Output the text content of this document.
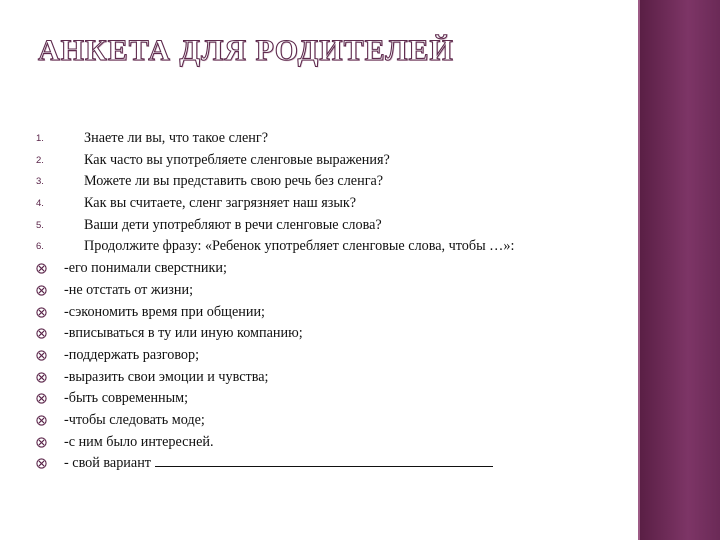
АНКЕТА ДЛЯ РОДИТЕЛЕЙ
1.	Знаете ли вы, что такое сленг?
2.	Как часто вы употребляете сленговые выражения?
3.	Можете ли вы представить свою речь без сленга?
4.	Как вы считаете, сленг загрязняет наш язык?
5.	Ваши дети употребляют в речи сленговые слова?
6.	Продолжите фразу: «Ребенок употребляет сленговые слова, чтобы …»:
-его понимали сверстники;
-не отстать от жизни;
-сэкономить время при общении;
-вписываться в ту или иную компанию;
-поддержать разговор;
-выразить свои эмоции и чувства;
-быть современным;
-чтобы следовать моде;
-с ним было интересней.
- свой вариант
